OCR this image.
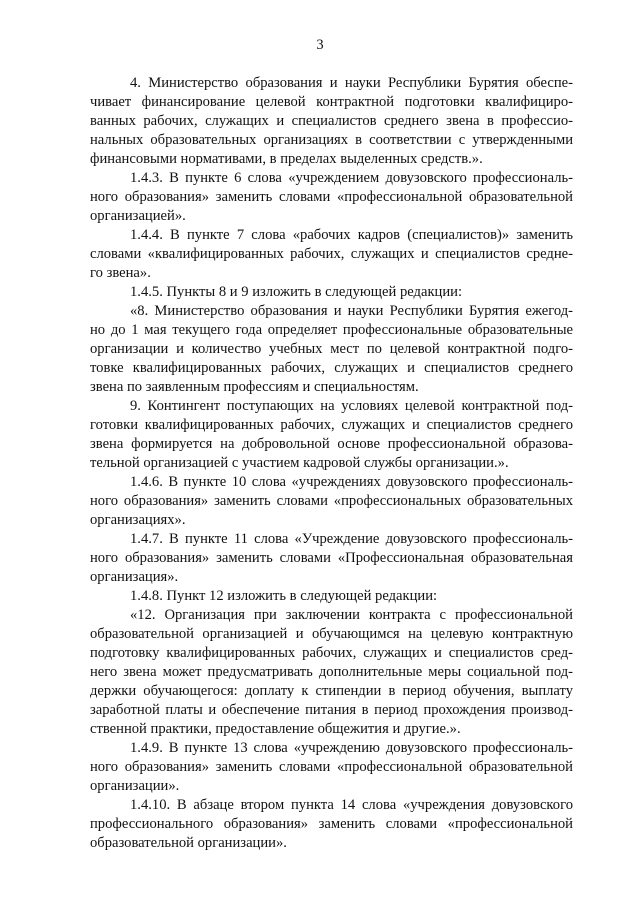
3

4. Министерство образования и науки Республики Бурятия обеспе-
чивает финансирование целевой контрактной подготовки квалифициро-
ванных рабочих, служащих и специалистов среднего звена в профессио-
нальных образовательных организациях в соответствии с утвержденными
финансовыми нормативами, в пределах выделенных средств.».

1.4.3. В пункте 6 слова «учреждением довузовского профессиональ-
ного образования» заменить словами «профессиональной образовательной
организацией».

1.4.4. В пункте 7 слова «рабочих кадров (специалистов)» заменить
словами «квалифицированных рабочих, служащих и специалистов средне-
го звена».

1.4.5. Пункты 8 и 9 изложить в следующей редакции:

«8. Министерство образования и науки Республики Бурятия ежегод-
но до 1 мая текущего года определяет профессиональные образовательные
организации и количество учебных мест по целевой контрактной подго-
товке квалифицированных рабочих, служащих и специалистов среднего
звена по заявленным профессиям и специальностям.

9. Контингент поступающих на условиях целевой контрактной под-
готовки квалифицированных рабочих, служащих и специалистов среднего
звена формируется на добровольной основе профессиональной образова-
тельной организацией с участием кадровой службы организации.».

1.4.6. В пункте 10 слова «учреждениях довузовского профессиональ-
ного образования» заменить словами «профессиональных образовательных
организациях».

1.4.7. В пункте 11 слова «Учреждение довузовского профессиональ-
ного образования» заменить словами «Профессиональная образовательная
организация».

1.4.8. Пункт 12 изложить в следующей редакции:

«12. Организация при заключении контракта с профессиональной
образовательной организацией и обучающимся на целевую контрактную
подготовку квалифицированных рабочих, служащих и специалистов сред-
него звена может предусматривать дополнительные меры социальной под-
держки обучающегося: доплату к стипендии в период обучения, выплату
заработной платы и обеспечение питания в период прохождения производ-
ственной практики, предоставление общежития и другие.».

1.4.9. В пункте 13 слова «учреждению довузовского профессиональ-
ного образования» заменить словами «профессиональной образовательной
организации».

1.4.10. В абзаце втором пункта 14 слова «учреждения довузовского
профессионального образования» заменить словами «профессиональной
образовательной организации».
